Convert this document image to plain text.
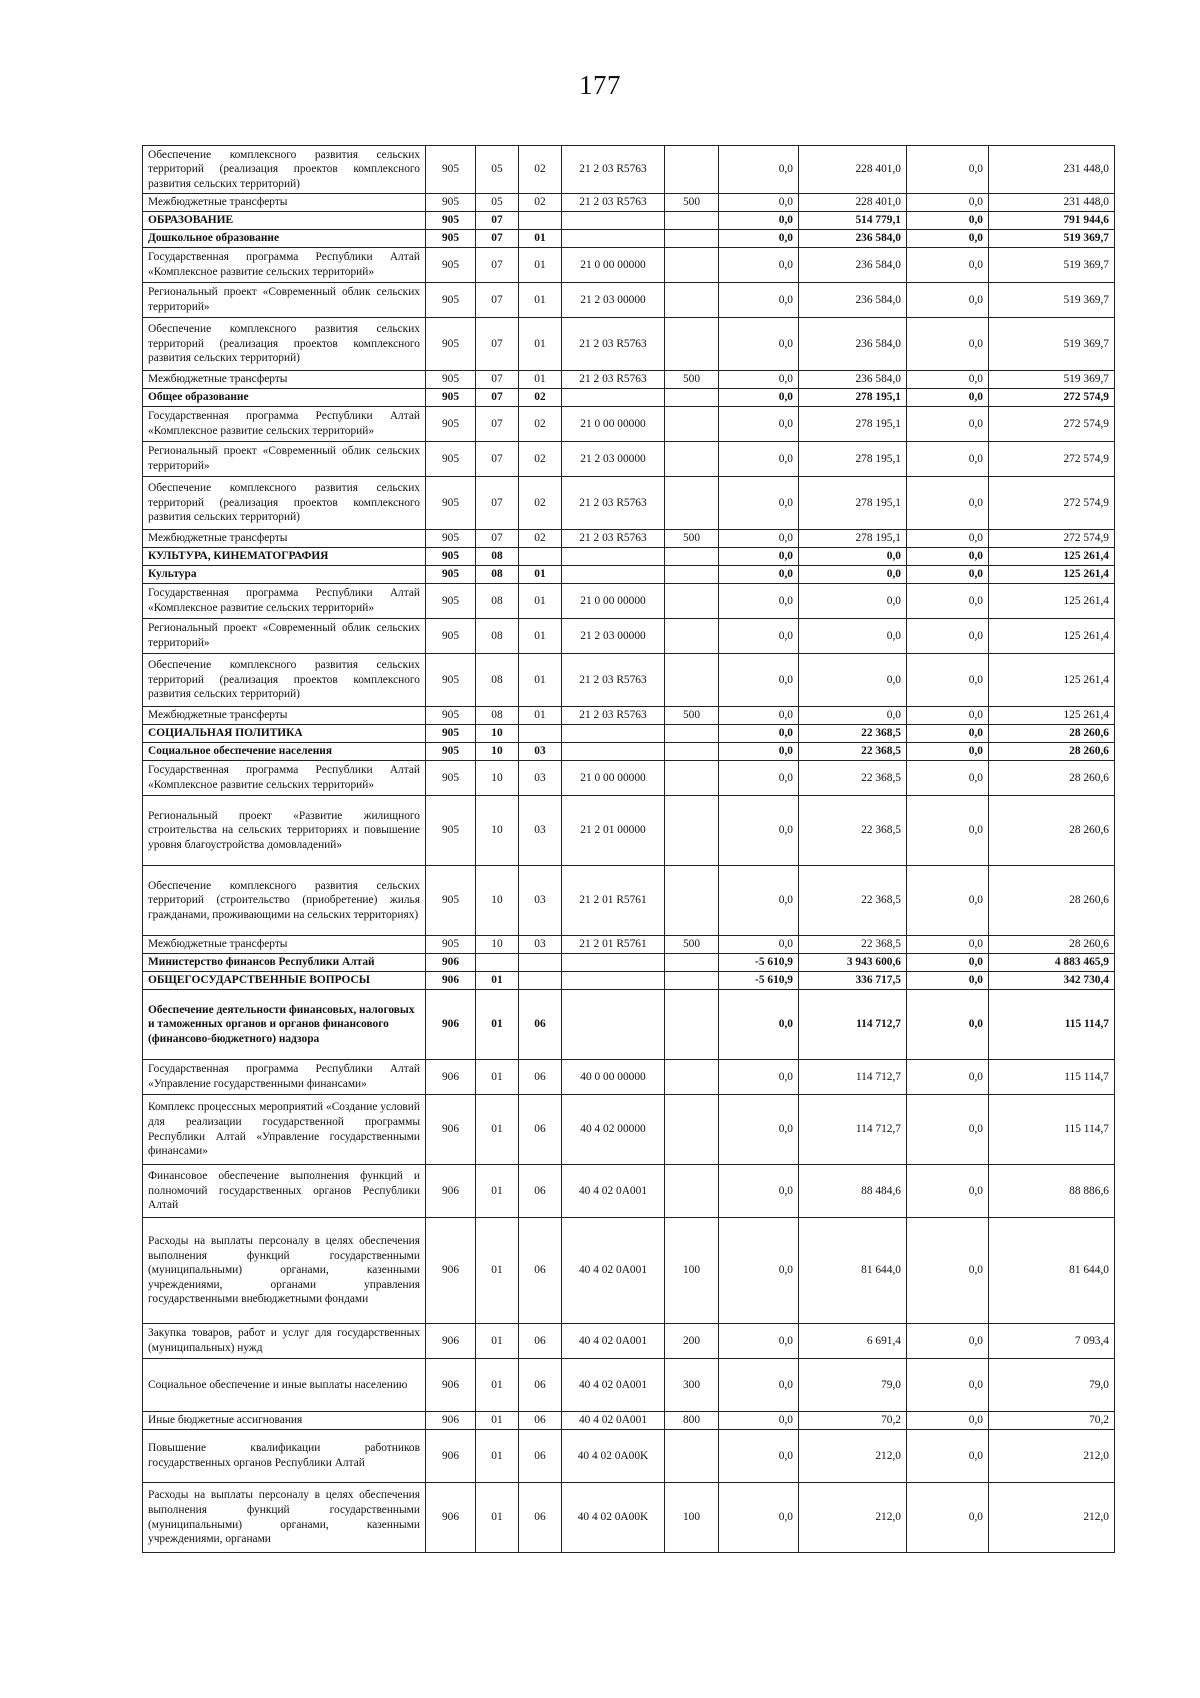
177
Обеспечение комплексного развития сельских территорий (реализация проектов комплексного развития сельских территорий)	905	05	02	21 2 03 R5763		0,0	228 401,0	0,0	231 448,0
Межбюджетные трансферты	905	05	02	21 2 03 R5763	500	0,0	228 401,0	0,0	231 448,0
ОБРАЗОВАНИЕ	905	07				0,0	514 779,1	0,0	791 944,6
Дошкольное образование	905	07	01			0,0	236 584,0	0,0	519 369,7
Государственная программа Республики Алтай «Комплексное развитие сельских территорий»	905	07	01	21 0 00 00000		0,0	236 584,0	0,0	519 369,7
Региональный проект «Современный облик сельских территорий»	905	07	01	21 2 03 00000		0,0	236 584,0	0,0	519 369,7
Обеспечение комплексного развития сельских территорий (реализация проектов комплексного развития сельских территорий)	905	07	01	21 2 03 R5763		0,0	236 584,0	0,0	519 369,7
Межбюджетные трансферты	905	07	01	21 2 03 R5763	500	0,0	236 584,0	0,0	519 369,7
Общее образование	905	07	02			0,0	278 195,1	0,0	272 574,9
Государственная программа Республики Алтай «Комплексное развитие сельских территорий»	905	07	02	21 0 00 00000		0,0	278 195,1	0,0	272 574,9
Региональный проект «Современный облик сельских территорий»	905	07	02	21 2 03 00000		0,0	278 195,1	0,0	272 574,9
Обеспечение комплексного развития сельских территорий (реализация проектов комплексного развития сельских территорий)	905	07	02	21 2 03 R5763		0,0	278 195,1	0,0	272 574,9
Межбюджетные трансферты	905	07	02	21 2 03 R5763	500	0,0	278 195,1	0,0	272 574,9
КУЛЬТУРА, КИНЕМАТОГРАФИЯ	905	08				0,0	0,0	0,0	125 261,4
Культура	905	08	01			0,0	0,0	0,0	125 261,4
Государственная программа Республики Алтай «Комплексное развитие сельских территорий»	905	08	01	21 0 00 00000		0,0	0,0	0,0	125 261,4
Региональный проект «Современный облик сельских территорий»	905	08	01	21 2 03 00000		0,0	0,0	0,0	125 261,4
Обеспечение комплексного развития сельских территорий (реализация проектов комплексного развития сельских территорий)	905	08	01	21 2 03 R5763		0,0	0,0	0,0	125 261,4
Межбюджетные трансферты	905	08	01	21 2 03 R5763	500	0,0	0,0	0,0	125 261,4
СОЦИАЛЬНАЯ ПОЛИТИКА	905	10				0,0	22 368,5	0,0	28 260,6
Социальное обеспечение населения	905	10	03			0,0	22 368,5	0,0	28 260,6
Государственная программа Республики Алтай «Комплексное развитие сельских территорий»	905	10	03	21 0 00 00000		0,0	22 368,5	0,0	28 260,6
Региональный проект «Развитие жилищного строительства на сельских территориях и повышение уровня благоустройства домовладений»	905	10	03	21 2 01 00000		0,0	22 368,5	0,0	28 260,6
Обеспечение комплексного развития сельских территорий (строительство (приобретение) жилья гражданами, проживающими на сельских территориях)	905	10	03	21 2 01 R5761		0,0	22 368,5	0,0	28 260,6
Межбюджетные трансферты	905	10	03	21 2 01 R5761	500	0,0	22 368,5	0,0	28 260,6
Министерство финансов Республики Алтай	906					-5 610,9	3 943 600,6	0,0	4 883 465,9
ОБЩЕГОСУДАРСТВЕННЫЕ ВОПРОСЫ	906	01				-5 610,9	336 717,5	0,0	342 730,4
Обеспечение деятельности финансовых, налоговых и таможенных органов и органов финансового (финансово-бюджетного) надзора	906	01	06			0,0	114 712,7	0,0	115 114,7
Государственная программа Республики Алтай «Управление государственными финансами»	906	01	06	40 0 00 00000		0,0	114 712,7	0,0	115 114,7
Комплекс процессных мероприятий «Создание условий для реализации государственной программы Республики Алтай «Управление государственными финансами»	906	01	06	40 4 02 00000		0,0	114 712,7	0,0	115 114,7
Финансовое обеспечение выполнения функций и полномочий государственных органов Республики Алтай	906	01	06	40 4 02 0A001		0,0	88 484,6	0,0	88 886,6
Расходы на выплаты персоналу в целях обеспечения выполнения функций государственными (муниципальными) органами, казенными учреждениями, органами управления государственными внебюджетными фондами	906	01	06	40 4 02 0A001	100	0,0	81 644,0	0,0	81 644,0
Закупка товаров, работ и услуг для государственных (муниципальных) нужд	906	01	06	40 4 02 0A001	200	0,0	6 691,4	0,0	7 093,4
Социальное обеспечение и иные выплаты населению	906	01	06	40 4 02 0A001	300	0,0	79,0	0,0	79,0
Иные бюджетные ассигнования	906	01	06	40 4 02 0A001	800	0,0	70,2	0,0	70,2
Повышение квалификации работников государственных органов Республики Алтай	906	01	06	40 4 02 0A00K		0,0	212,0	0,0	212,0
Расходы на выплаты персоналу в целях обеспечения выполнения функций государственными (муниципальными) органами, казенными учреждениями, органами	906	01	06	40 4 02 0A00K	100	0,0	212,0	0,0	212,0
